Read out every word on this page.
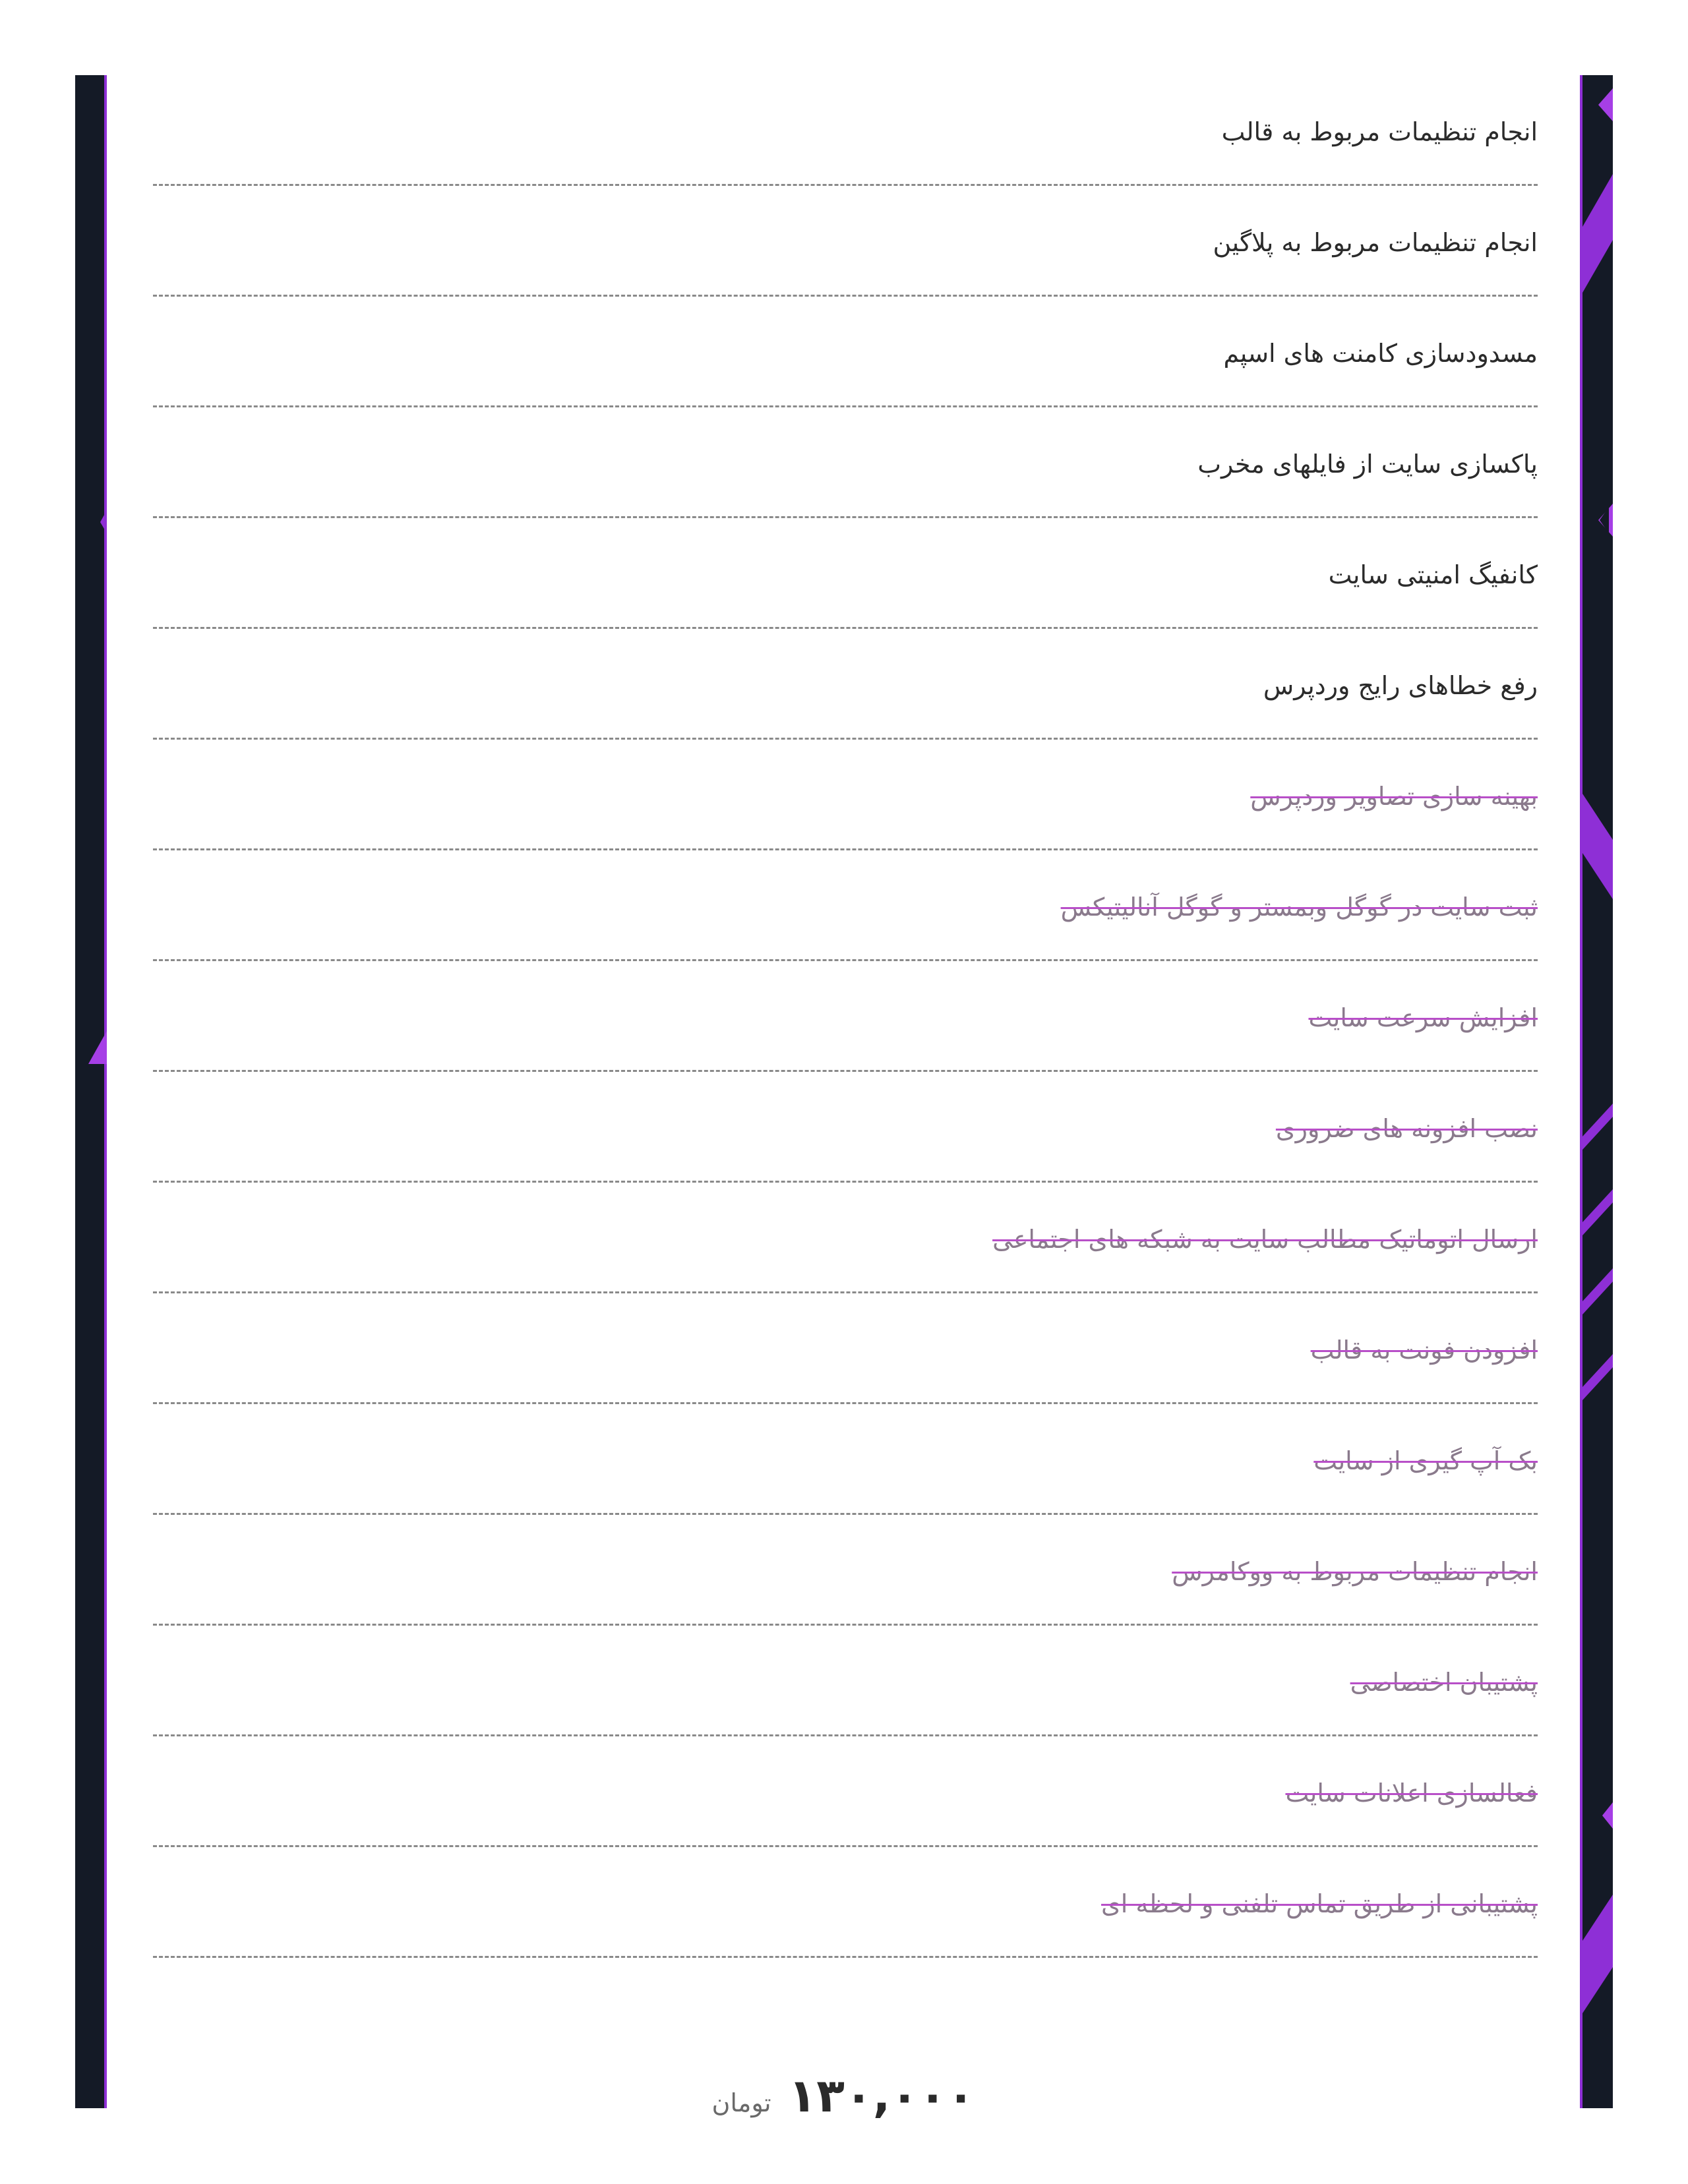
انجام تنظیمات مربوط به قالب
انجام تنظیمات مربوط به پلاگین
مسدودسازی کامنت های اسپم
پاکسازی سایت از فایلهای مخرب
کانفیگ امنیتی سایت
رفع خطاهای رایج وردپرس
بهینه سازی تصاویر وردپرس
ثبت سایت در گوگل وبمستر و گوگل آنالیتیکس
افزایش سرعت سایت
نصب افزونه های ضروری
ارسال اتوماتیک مطالب سایت به شبکه های اجتماعی
افزودن فونت به قالب
بک آپ گیری از سایت
انجام تنظیمات مربوط به ووکامرس
پشتیبان اختصاصی
فعالسازی اعلانات سایت
پشتیبانی از طریق تماس تلفنی و لحظه ای
۱۳۰,۰۰۰
تومان
